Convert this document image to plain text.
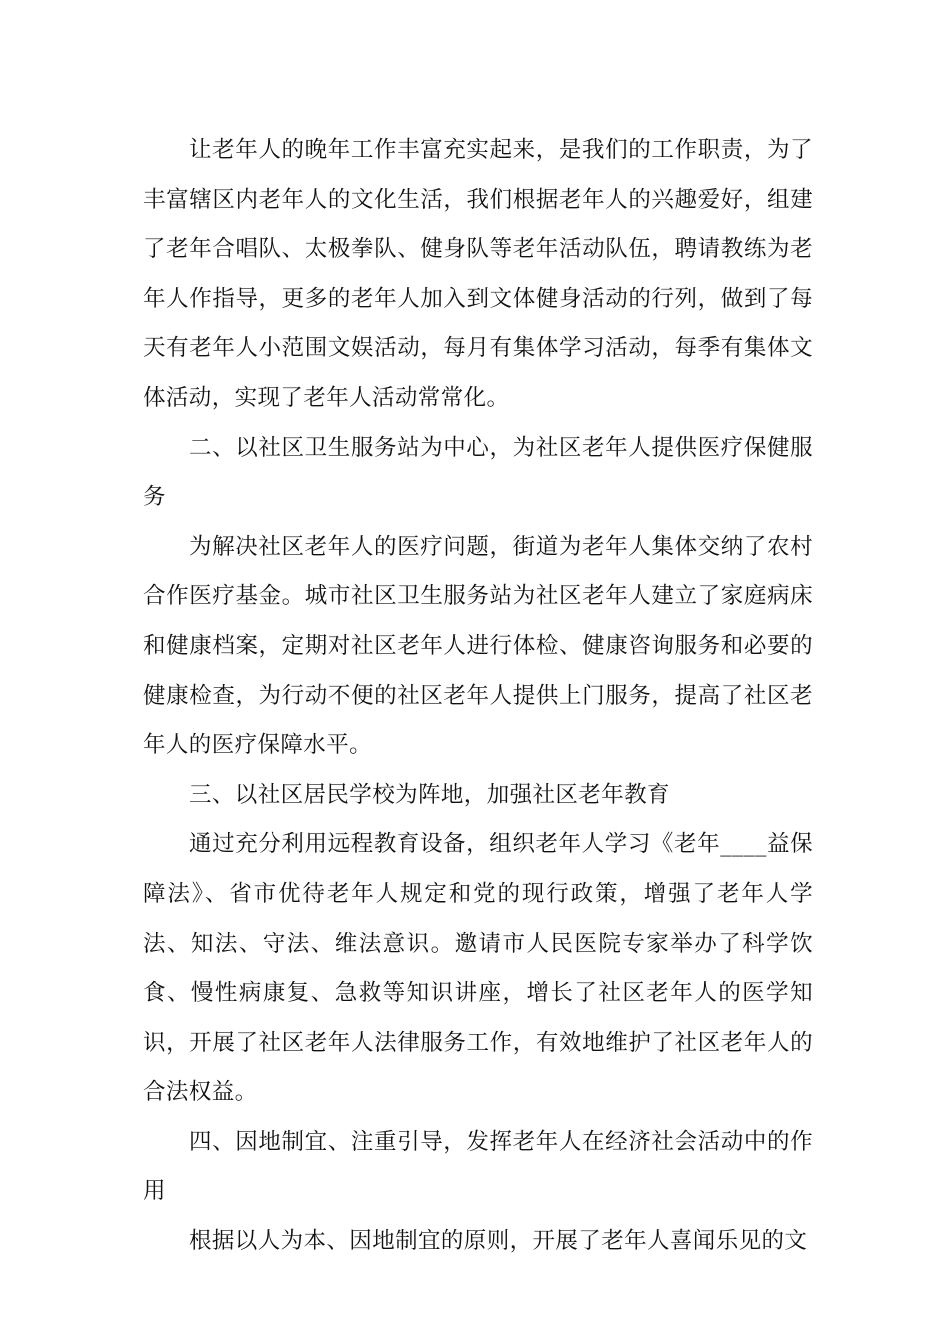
让老年人的晚年工作丰富充实起来，是我们的工作职责，为了丰富辖区内老年人的文化生活，我们根据老年人的兴趣爱好，组建了老年合唱队、太极拳队、健身队等老年活动队伍，聘请教练为老年人作指导，更多的老年人加入到文体健身活动的行列，做到了每天有老年人小范围文娱活动，每月有集体学习活动，每季有集体文体活动，实现了老年人活动常常化。

二、以社区卫生服务站为中心，为社区老年人提供医疗保健服务

为解决社区老年人的医疗问题，街道为老年人集体交纳了农村合作医疗基金。城市社区卫生服务站为社区老年人建立了家庭病床和健康档案，定期对社区老年人进行体检、健康咨询服务和必要的健康检查，为行动不便的社区老年人提供上门服务，提高了社区老年人的医疗保障水平。

三、以社区居民学校为阵地，加强社区老年教育

通过充分利用远程教育设备，组织老年人学习《老年____益保障法》、省市优待老年人规定和党的现行政策，增强了老年人学法、知法、守法、维法意识。邀请市人民医院专家举办了科学饮食、慢性病康复、急救等知识讲座，增长了社区老年人的医学知识，开展了社区老年人法律服务工作，有效地维护了社区老年人的合法权益。

四、因地制宜、注重引导，发挥老年人在经济社会活动中的作用

根据以人为本、因地制宜的原则，开展了老年人喜闻乐见的文
